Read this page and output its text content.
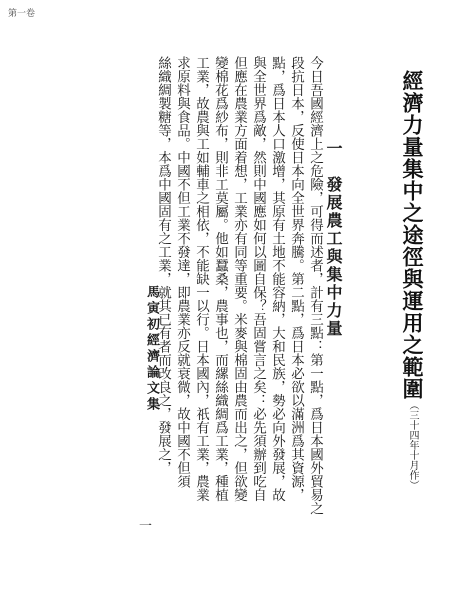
第一卷
經濟力量集中之途徑與運用之範圍（三十四年十月作）
一　發展農工與集中力量
今日吾國經濟上之危險，可得而述者，計有三點：第一點，爲日本國外貿易之
段抗日本，反使日本向全世界奔騰。第二點，爲日本必欲以滿洲爲其資源，
點，爲日本人口激增，其原有土地不能容納，大和民族，勢必向外發展，故
與全世界爲敵，然則中國應如何以圖自保？吾固嘗言之矣：必先須辦到吃自
但應在農業方面着想，工業亦有同等重要。米麥與棉固由農而出之，但欲變
變棉花爲紗布，則非工莫屬。他如蠶桑，農事也，而縲絲織綢爲工業，種植
工業，故農與工如輔車之相依，不能缺一以行。日本國內，祇有工業，農業
求原料與食品。中國不但工業不發達，即農業亦反就衰微，故中國不但須
絲織綢製糖等，本爲中國固有之工業，就其已有者而改良之，發展之，
馬寅初經濟論文集
一
